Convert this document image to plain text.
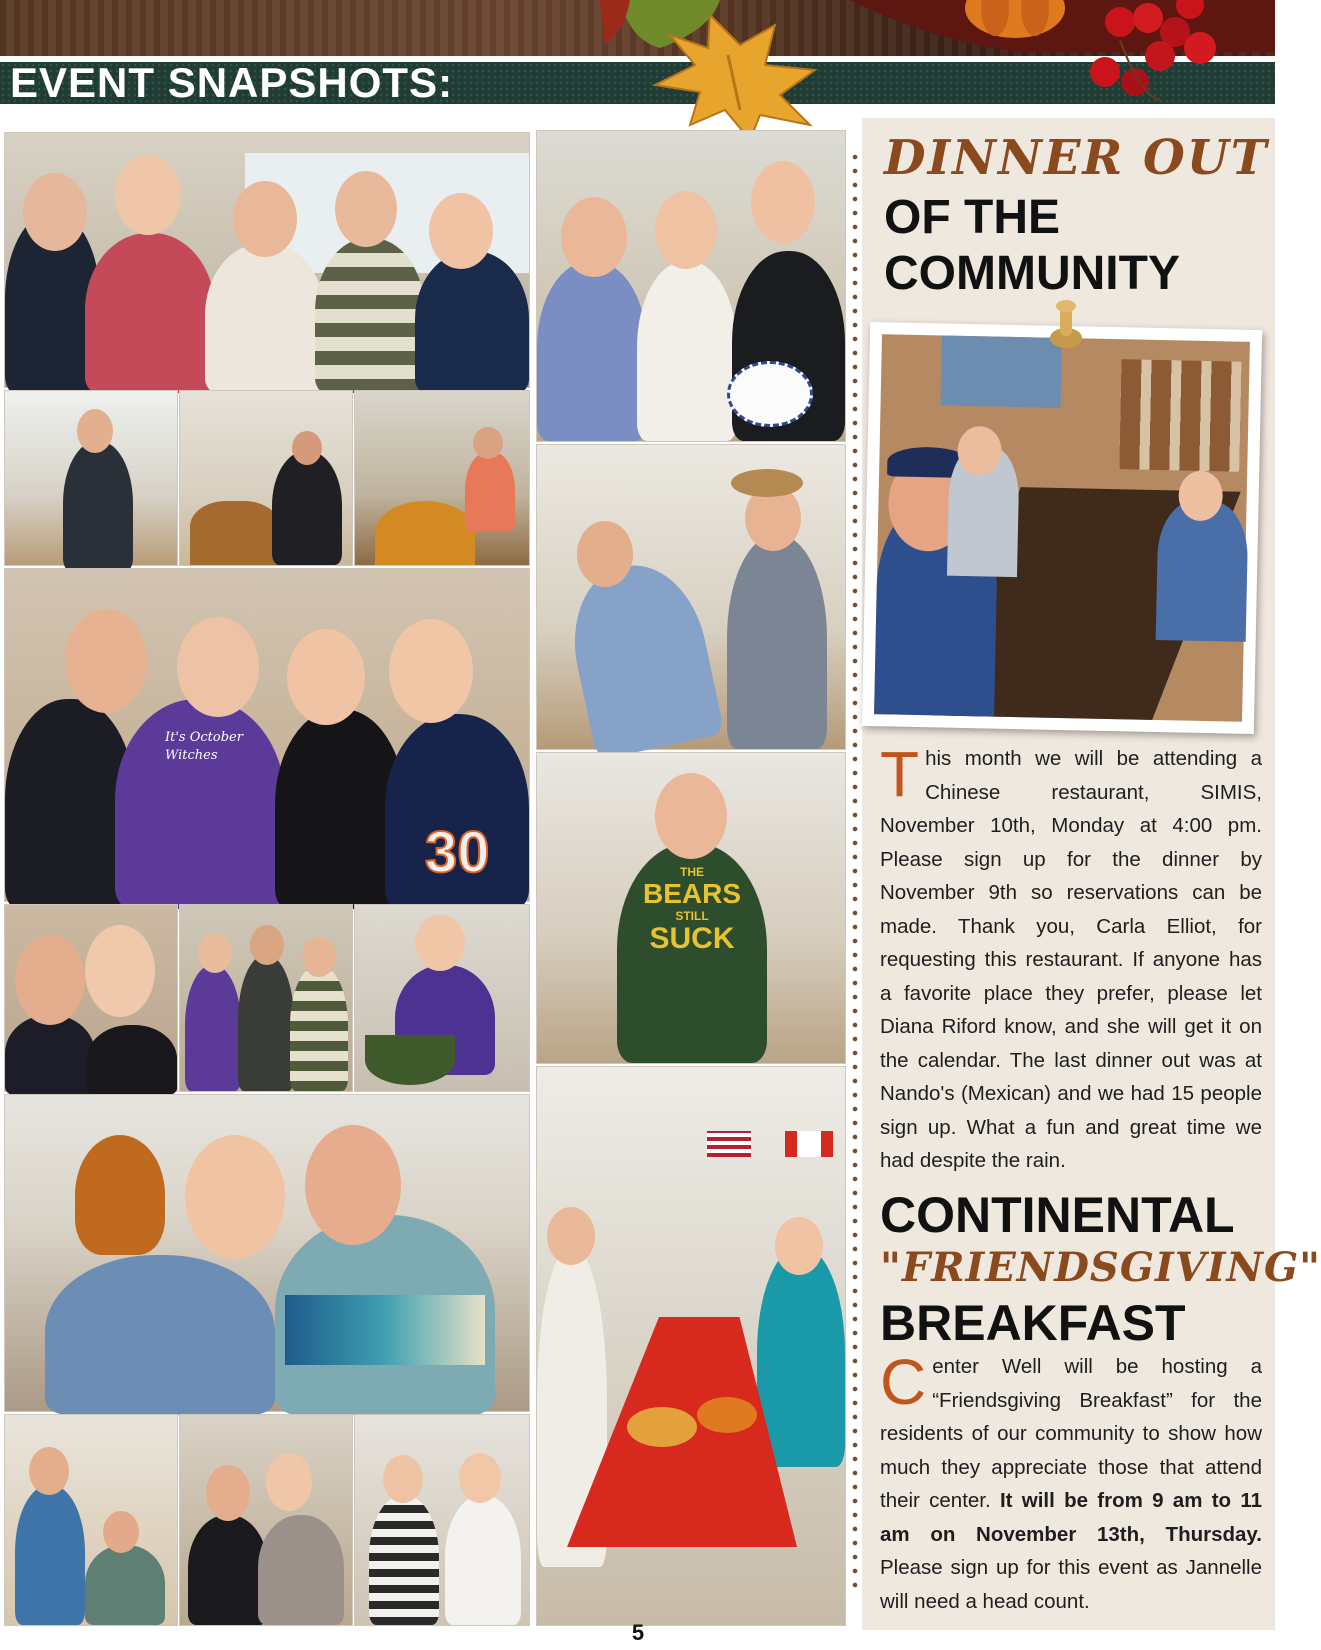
EVENT SNAPSHOTS:
It's October Witches
30	THE
BEARS
STILL
SUCK
DINNER OUT
OF THE
COMMUNITY

This month we will be attending a Chinese restaurant, SIMIS, November 10th, Monday at 4:00 pm. Please sign up for the dinner by November 9th so reservations can be made. Thank you, Carla Elliot, for requesting this restaurant. If anyone has a favorite place they prefer, please let Diana Riford know, and she will get it on the calendar. The last dinner out was at Nando's (Mexican) and we had 15 people sign up. What a fun and great time we had despite the rain.

CONTINENTAL
"FRIENDSGIVING"
BREAKFAST

Center Well will be hosting a “Friendsgiving Breakfast” for the residents of our community to show how much they appreciate those that attend their center. It will be from 9 am to 11 am on November 13th, Thursday. Please sign up for this event as Jannelle will need a head count.

5
